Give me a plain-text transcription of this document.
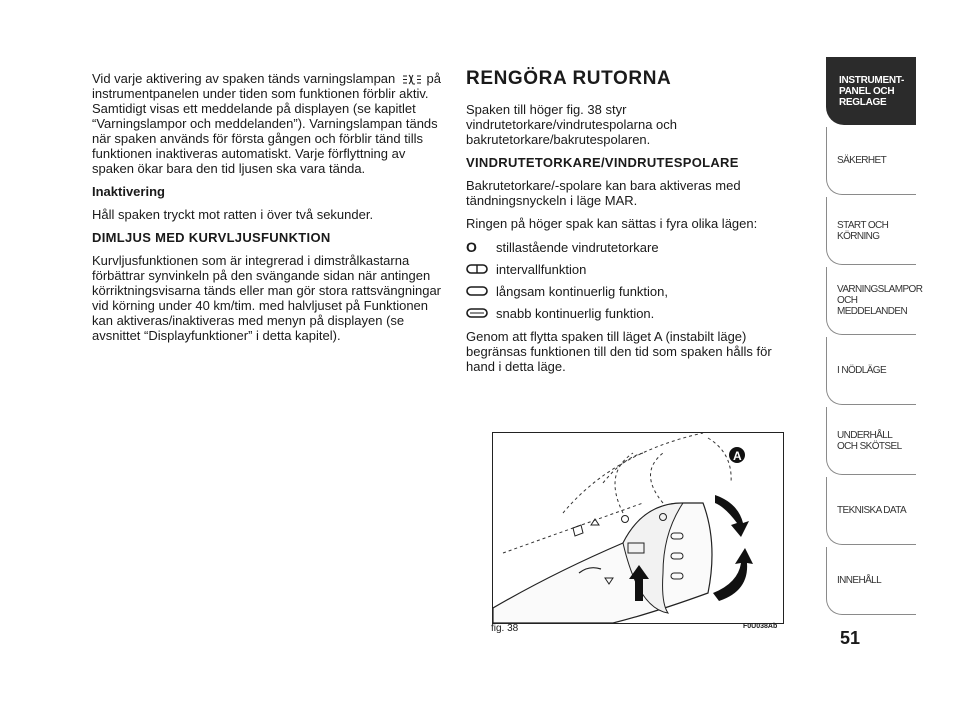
Vid varje aktivering av spaken tänds varningslampan på instrumentpanelen under tiden som funktionen förblir aktiv. Samtidigt visas ett meddelande på displayen (se kapitlet “Varningslampor och meddelanden”). Varningslampan tänds när spaken används för första gången och förblir tänd tills funktionen inaktiveras automatiskt. Varje förflyttning av spaken ökar bara den tid ljusen ska vara tända.

Inaktivering

Håll spaken tryckt mot ratten i över två sekunder.

DIMLJUS MED KURVLJUSFUNKTION

Kurvljusfunktionen som är integrerad i dimstrålkastarna förbättrar synvinkeln på den svängande sidan när antingen körriktningsvisarna tänds eller man gör stora rattsvängningar vid körning under 40 km/tim. med halvljuset på Funktionen kan aktiveras/inaktiveras med menyn på displayen (se avsnittet “Displayfunktioner” i detta kapitel).

RENGÖRA RUTORNA

Spaken till höger fig. 38 styr vindrutetorkare/vindrutespolarna och bakrutetorkare/bakrutespolaren.

VINDRUTETORKARE/VINDRUTESPOLARE

Bakrutetorkare/-spolare kan bara aktiveras med tändningsnyckeln i läge MAR.

Ringen på höger spak kan sättas i fyra olika lägen:

O	stillastående vindrutetorkare
intervallfunktion
långsam kontinuerlig funktion,
snabb kontinuerlig funktion.

Genom att flytta spaken till läget A (instabilt läge) begränsas funktionen till den tid som spaken hålls för hand i detta läge.

A
fig. 38	F0U038Ab
INSTRUMENT-
PANEL OCH
REGLAGE
SÄKERHET
START OCH
KÖRNING
VARNINGSLAMPOR
OCH
MEDDELANDEN
I NÖDLÄGE
UNDERHÅLL
OCH SKÖTSEL
TEKNISKA DATA
INNEHÅLL
51
